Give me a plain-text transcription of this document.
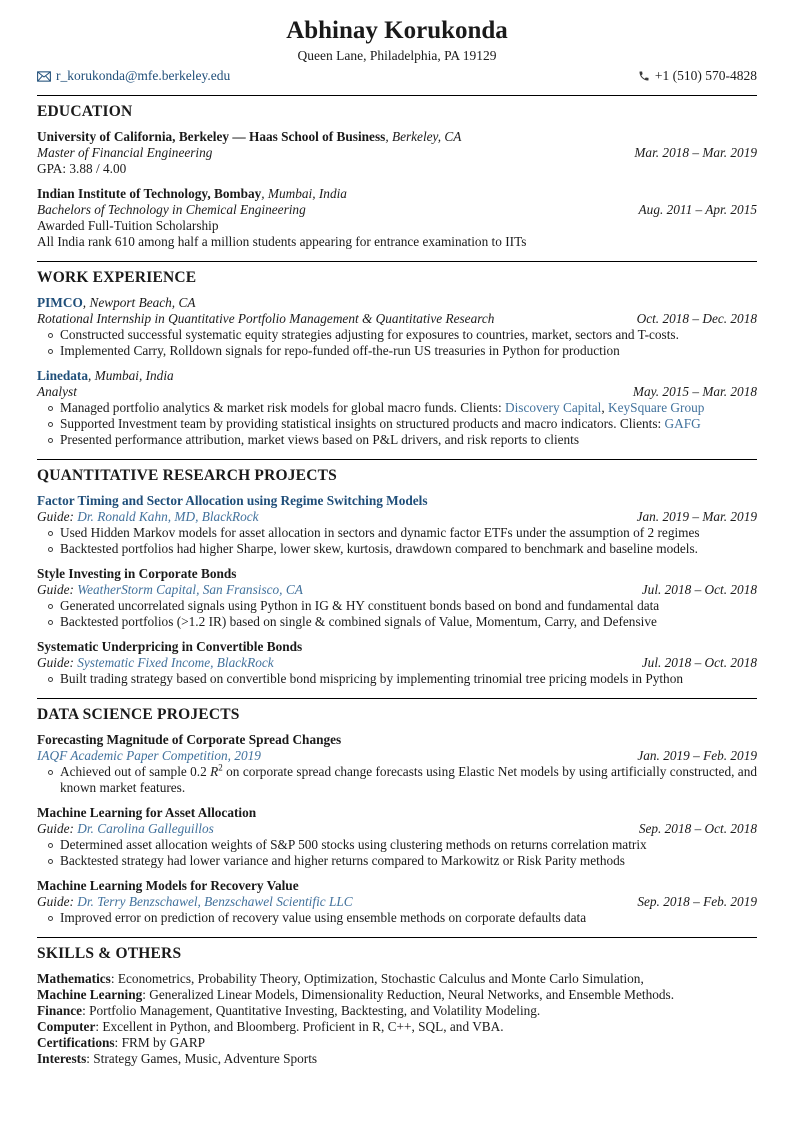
Abhinay Korukonda
Queen Lane, Philadelphia, PA 19129
r_korukonda@mfe.berkeley.edu	+1 (510) 570-4828
EDUCATION
University of California, Berkeley — Haas School of Business, Berkeley, CA
Master of Financial Engineering	Mar. 2018 – Mar. 2019
GPA: 3.88 / 4.00
Indian Institute of Technology, Bombay, Mumbai, India
Bachelors of Technology in Chemical Engineering	Aug. 2011 – Apr. 2015
Awarded Full-Tuition Scholarship
All India rank 610 among half a million students appearing for entrance examination to IITs
WORK EXPERIENCE
PIMCO, Newport Beach, CA
Rotational Internship in Quantitative Portfolio Management & Quantitative Research	Oct. 2018 – Dec. 2018
Constructed successful systematic equity strategies adjusting for exposures to countries, market, sectors and T-costs.
Implemented Carry, Rolldown signals for repo-funded off-the-run US treasuries in Python for production
Linedata, Mumbai, India
Analyst	May. 2015 – Mar. 2018
Managed portfolio analytics & market risk models for global macro funds. Clients: Discovery Capital, KeySquare Group
Supported Investment team by providing statistical insights on structured products and macro indicators. Clients: GAFG
Presented performance attribution, market views based on P&L drivers, and risk reports to clients
QUANTITATIVE RESEARCH PROJECTS
Factor Timing and Sector Allocation using Regime Switching Models
Guide: Dr. Ronald Kahn, MD, BlackRock	Jan. 2019 – Mar. 2019
Used Hidden Markov models for asset allocation in sectors and dynamic factor ETFs under the assumption of 2 regimes
Backtested portfolios had higher Sharpe, lower skew, kurtosis, drawdown compared to benchmark and baseline models.
Style Investing in Corporate Bonds
Guide: WeatherStorm Capital, San Fransisco, CA	Jul. 2018 – Oct. 2018
Generated uncorrelated signals using Python in IG & HY constituent bonds based on bond and fundamental data
Backtested portfolios (>1.2 IR) based on single & combined signals of Value, Momentum, Carry, and Defensive
Systematic Underpricing in Convertible Bonds
Guide: Systematic Fixed Income, BlackRock	Jul. 2018 – Oct. 2018
Built trading strategy based on convertible bond mispricing by implementing trinomial tree pricing models in Python
DATA SCIENCE PROJECTS
Forecasting Magnitude of Corporate Spread Changes
IAQF Academic Paper Competition, 2019	Jan. 2019 – Feb. 2019
Achieved out of sample 0.2 $R^2$ on corporate spread change forecasts using Elastic Net models by using artificially constructed, and known market features.
Machine Learning for Asset Allocation
Guide: Dr. Carolina Galleguillos	Sep. 2018 – Oct. 2018
Determined asset allocation weights of S&P 500 stocks using clustering methods on returns correlation matrix
Backtested strategy had lower variance and higher returns compared to Markowitz or Risk Parity methods
Machine Learning Models for Recovery Value
Guide: Dr. Terry Benzschawel, Benzschawel Scientific LLC	Sep. 2018 – Feb. 2019
Improved error on prediction of recovery value using ensemble methods on corporate defaults data
SKILLS & OTHERS
Mathematics: Econometrics, Probability Theory, Optimization, Stochastic Calculus and Monte Carlo Simulation,
Machine Learning: Generalized Linear Models, Dimensionality Reduction, Neural Networks, and Ensemble Methods.
Finance: Portfolio Management, Quantitative Investing, Backtesting, and Volatility Modeling.
Computer: Excellent in Python, and Bloomberg. Proficient in R, C++, SQL, and VBA.
Certifications: FRM by GARP
Interests: Strategy Games, Music, Adventure Sports
